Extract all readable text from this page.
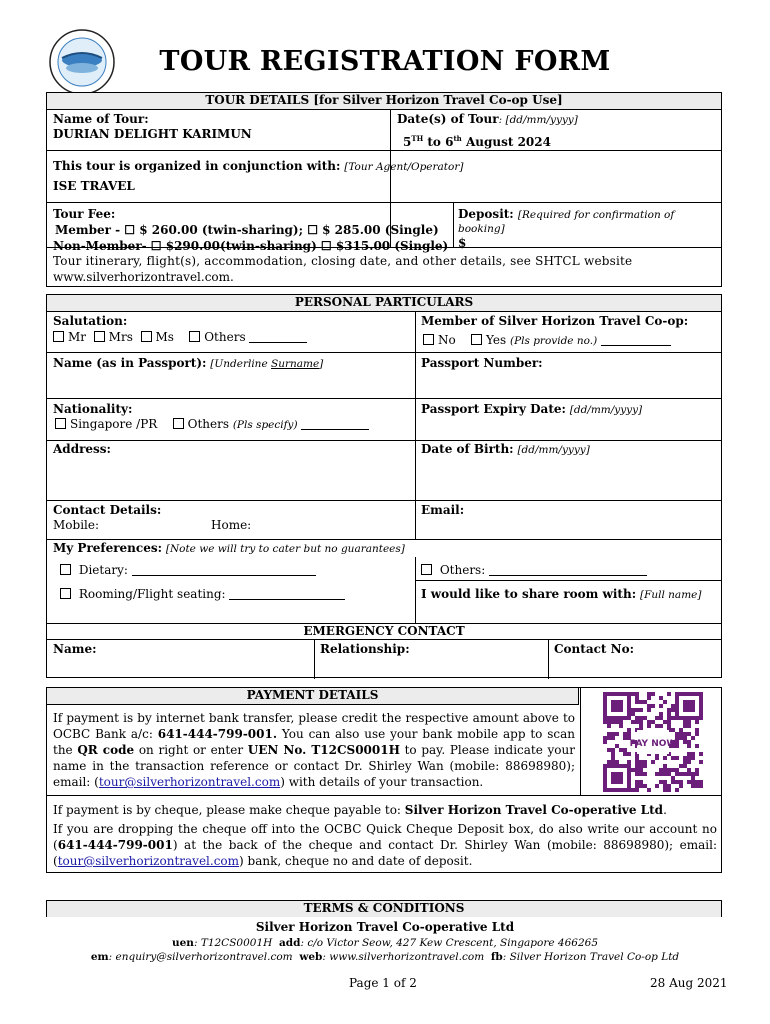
TOUR REGISTRATION FORM
TOUR DETAILS [for Silver Horizon Travel Co-op Use]
Name of Tour:
DURIAN DELIGHT KARIMUN
Date(s) of Tour: [dd/mm/yyyy]
5TH to 6th August 2024
This tour is organized in conjunction with: [Tour Agent/Operator]
ISE TRAVEL
Tour Fee:
Member - ☐ $ 260.00 (twin-sharing); ☐ $ 285.00 (Single)
Non-Member- ☐ $290.00(twin-sharing) ☐ $315.00 (Single)
Deposit: [Required for confirmation of
booking]
$
Tour itinerary, flight(s), accommodation, closing date, and other details, see SHTCL website
www.silverhorizontravel.com.
PERSONAL PARTICULARS
Salutation:
Mr Mrs Ms	Others
Member of Silver Horizon Travel Co-op:
No	Yes (Pls provide no.)
Name (as in Passport): [Underline Surname]	Passport Number:
Nationality:
Singapore /PR	Others (Pls specify)
Passport Expiry Date: [dd/mm/yyyy]
Address:	Date of Birth: [dd/mm/yyyy]
Contact Details:
Mobile:	Home:
Email:
My Preferences: [Note we will try to cater but no guarantees]
Dietary:	Others:
Rooming/Flight seating:	I would like to share room with: [Full name]
EMERGENCY CONTACT
Name:	Relationship:	Contact No:
PAYMENT DETAILS
If payment is by internet bank transfer, please credit the respective amount above to OCBC Bank a/c: 641-444-799-001. You can also use your bank mobile app to scan the QR code on right or enter UEN No. T12CS0001H to pay. Please indicate your name in the transaction reference or contact Dr. Shirley Wan (mobile: 88698980); email: (tour@silverhorizontravel.com) with details of your transaction.
PAY NOW
If payment is by cheque, please make cheque payable to: Silver Horizon Travel Co-operative Ltd.
If you are dropping the cheque off into the OCBC Quick Cheque Deposit box, do also write our account no (641-444-799-001) at the back of the cheque and contact Dr. Shirley Wan (mobile: 88698980); email: (tour@silverhorizontravel.com) bank, cheque no and date of deposit.
TERMS & CONDITIONS
Silver Horizon Travel Co-operative Ltd
uen: T12CS0001H add: c/o Victor Seow, 427 Kew Crescent, Singapore 466265
em: enquiry@silverhorizontravel.com web: www.silverhorizontravel.com fb: Silver Horizon Travel Co-op Ltd
Page 1 of 2	28 Aug 2021
